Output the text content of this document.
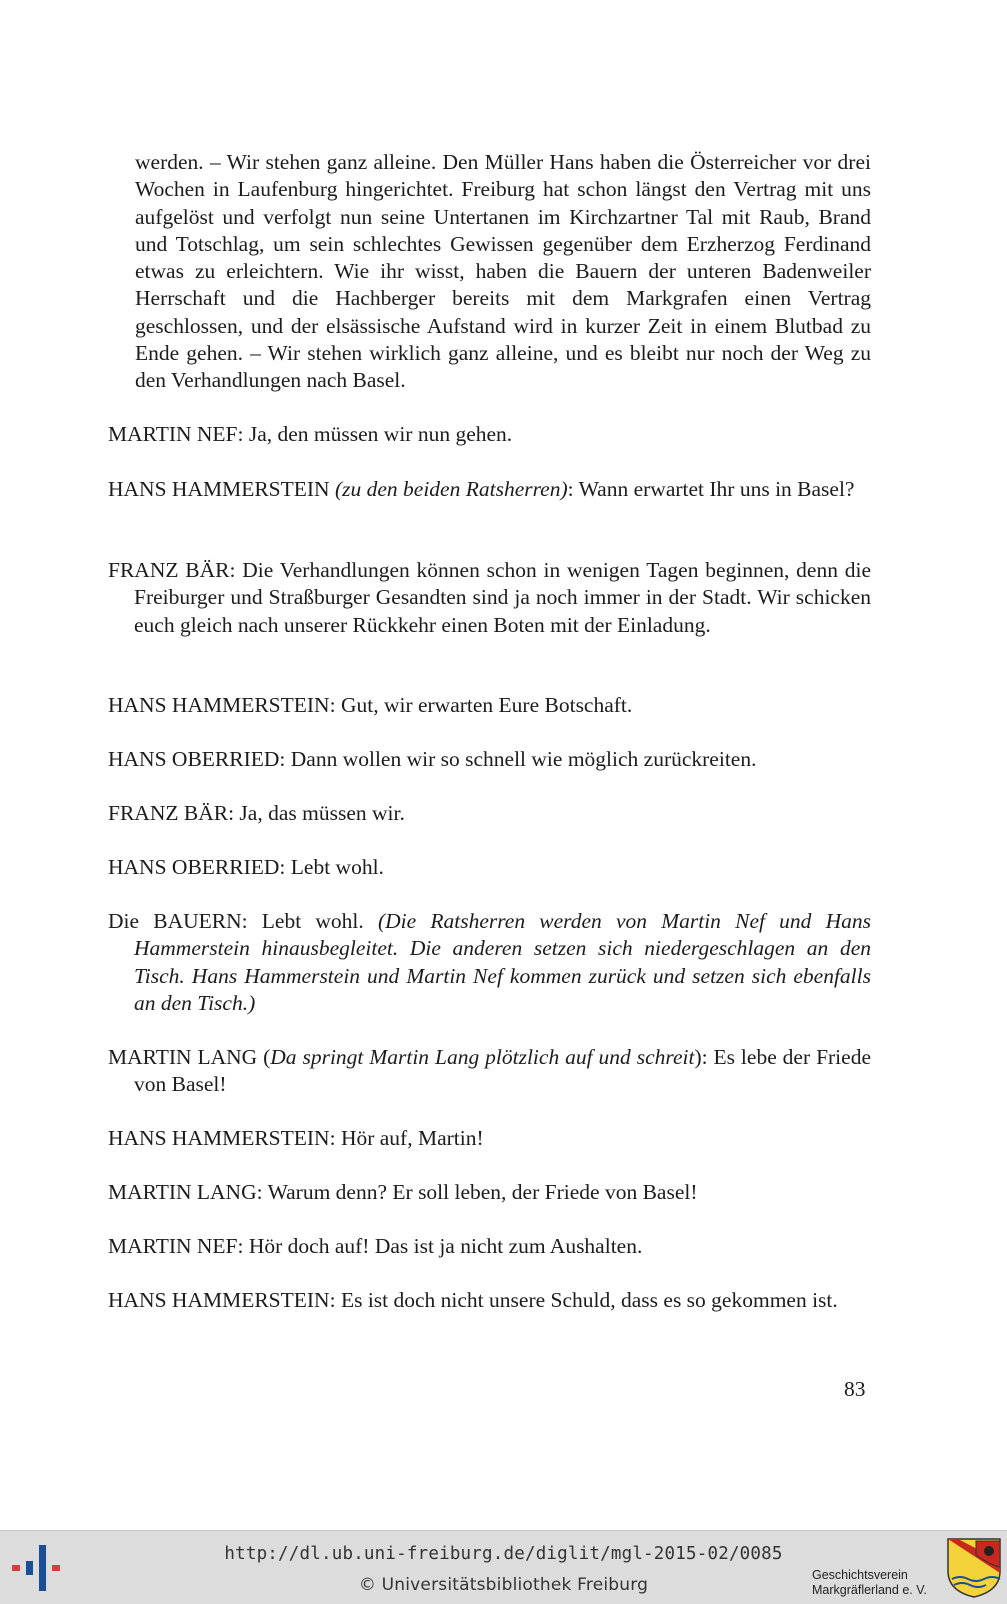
werden. – Wir stehen ganz alleine. Den Müller Hans haben die Österreicher vor drei Wochen in Laufenburg hingerichtet. Freiburg hat schon längst den Vertrag mit uns aufgelöst und verfolgt nun seine Untertanen im Kirchzartner Tal mit Raub, Brand und Totschlag, um sein schlechtes Gewissen gegenüber dem Erzherzog Ferdinand etwas zu erleichtern. Wie ihr wisst, haben die Bauern der unteren Badenweiler Herrschaft und die Hachberger bereits mit dem Markgrafen einen Vertrag geschlossen, und der elsässische Aufstand wird in kurzer Zeit in einem Blutbad zu Ende gehen. – Wir stehen wirklich ganz alleine, und es bleibt nur noch der Weg zu den Verhandlungen nach Basel.

MARTIN NEF: Ja, den müssen wir nun gehen.

HANS HAMMERSTEIN (zu den beiden Ratsherren): Wann erwartet Ihr uns in Basel?

FRANZ BÄR: Die Verhandlungen können schon in wenigen Tagen beginnen, denn die Freiburger und Straßburger Gesandten sind ja noch immer in der Stadt. Wir schicken euch gleich nach unserer Rückkehr einen Boten mit der Einladung.

HANS HAMMERSTEIN: Gut, wir erwarten Eure Botschaft.

HANS OBERRIED: Dann wollen wir so schnell wie möglich zurückreiten.

FRANZ BÄR: Ja, das müssen wir.

HANS OBERRIED: Lebt wohl.

Die BAUERN: Lebt wohl. (Die Ratsherren werden von Martin Nef und Hans Hammerstein hinausbegleitet. Die anderen setzen sich niedergeschlagen an den Tisch. Hans Hammerstein und Martin Nef kommen zurück und setzen sich ebenfalls an den Tisch.)

MARTIN LANG (Da springt Martin Lang plötzlich auf und schreit): Es lebe der Friede von Basel!

HANS HAMMERSTEIN: Hör auf, Martin!

MARTIN LANG: Warum denn? Er soll leben, der Friede von Basel!

MARTIN NEF: Hör doch auf! Das ist ja nicht zum Aushalten.

HANS HAMMERSTEIN: Es ist doch nicht unsere Schuld, dass es so gekommen ist.

83
http://dl.ub.uni-freiburg.de/diglit/mgl-2015-02/0085
© Universitätsbibliothek Freiburg	Geschichtsverein
Markgräflerland e. V.
